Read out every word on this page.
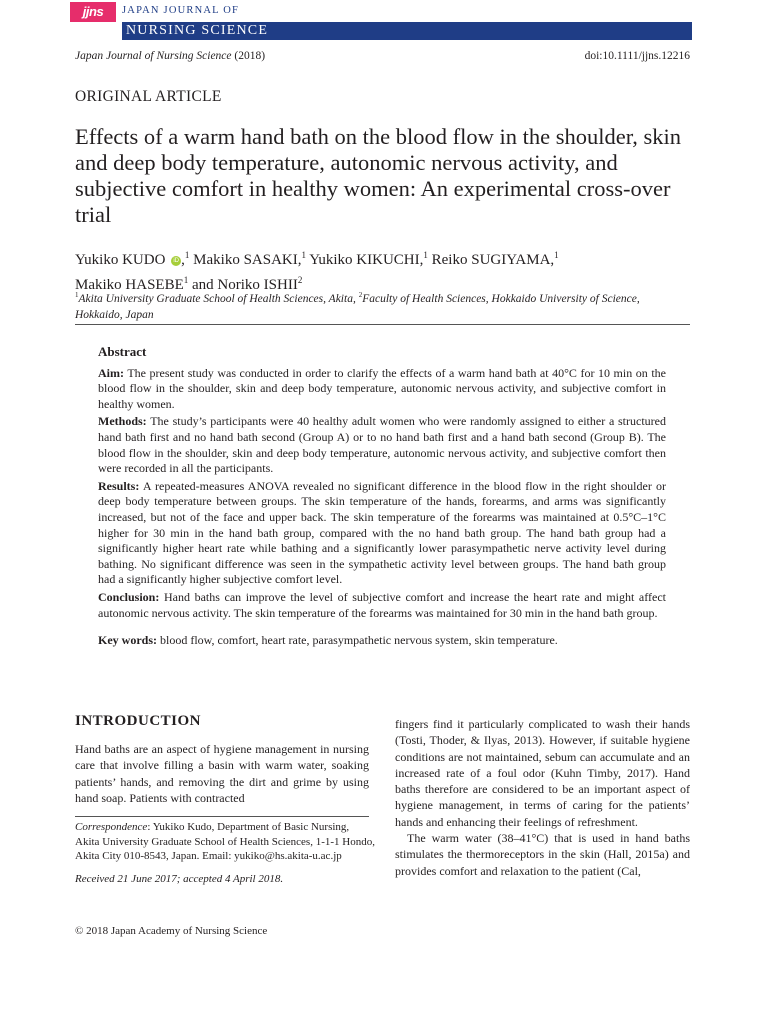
jjns	JAPAN JOURNAL OF
NURSING SCIENCE
Japan Journal of Nursing Science (2018)	doi:10.1111/jjns.12216
ORIGINAL ARTICLE
Effects of a warm hand bath on the blood flow in the shoulder, skin and deep body temperature, autonomic nervous activity, and subjective comfort in healthy women: An experimental cross-over trial
Yukiko KUDO iD ,$^1$ Makiko SASAKI,$^1$ Yukiko KIKUCHI,$^1$ Reiko SUGIYAMA,$^1$
Makiko HASEBE$^1$ and Noriko ISHII$^2$
$^1$Akita University Graduate School of Health Sciences, Akita, $^2$Faculty of Health Sciences, Hokkaido University of Science, Hokkaido, Japan
Abstract

Aim: The present study was conducted in order to clarify the effects of a warm hand bath at 40°C for 10 min on the blood flow in the shoulder, skin and deep body temperature, autonomic nervous activity, and subjective comfort in healthy women.

Methods: The study’s participants were 40 healthy adult women who were randomly assigned to either a structured hand bath first and no hand bath second (Group A) or to no hand bath first and a hand bath second (Group B). The blood flow in the shoulder, skin and deep body temperature, autonomic nervous activity, and subjective comfort then were recorded in all the participants.

Results: A repeated-measures ANOVA revealed no significant difference in the blood flow in the right shoulder or deep body temperature between groups. The skin temperature of the hands, forearms, and arms was significantly increased, but not of the face and upper back. The skin temperature of the forearms was maintained at 0.5°C–1°C higher for 30 min in the hand bath group, compared with the no hand bath group. The hand bath group had a significantly higher heart rate while bathing and a significantly lower parasympathetic nerve activity level during bathing. No significant difference was seen in the sympathetic activity level between groups. The hand bath group had a significantly higher subjective comfort level.

Conclusion: Hand baths can improve the level of subjective comfort and increase the heart rate and might affect autonomic nervous activity. The skin temperature of the forearms was maintained for 30 min in the hand bath group.

Key words: blood flow, comfort, heart rate, parasympathetic nervous system, skin temperature.

INTRODUCTION

Hand baths are an aspect of hygiene management in nursing care that involve filling a basin with warm water, soaking patients’ hands, and removing the dirt and grime by using hand soap. Patients with contracted

Correspondence: Yukiko Kudo, Department of Basic Nursing, Akita University Graduate School of Health Sciences, 1-1-1 Hondo, Akita City 010-8543, Japan. Email: yukiko@hs.akita-u.ac.jp
Received 21 June 2017; accepted 4 April 2018.

fingers find it particularly complicated to wash their hands (Tosti, Thoder, & Ilyas, 2013). However, if suitable hygiene conditions are not maintained, sebum can accumulate and an increased rate of a foul odor (Kuhn Timby, 2017). Hand baths therefore are considered to be an important aspect of hygiene management, in terms of caring for the patients’ hands and enhancing their feelings of refreshment.

The warm water (38–41°C) that is used in hand baths stimulates the thermoreceptors in the skin (Hall, 2015a) and provides comfort and relaxation to the patient (Cal,

© 2018 Japan Academy of Nursing Science
